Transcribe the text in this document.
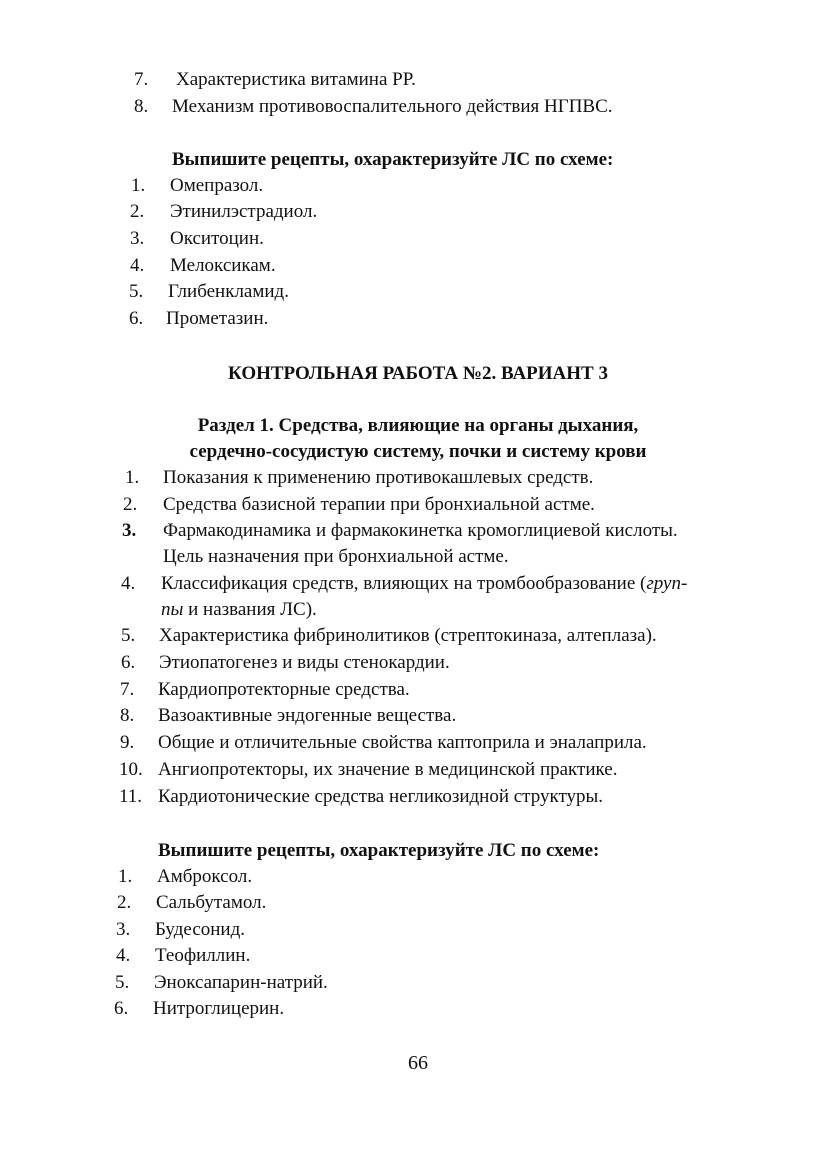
7. Характеристика витамина PP.
8. Механизм противовоспалительного действия НГПВС.
Выпишите рецепты, охарактеризуйте ЛС по схеме:
1. Омепразол.
2. Этинилэстрадиол.
3. Окситоцин.
4. Мелоксикам.
5. Глибенкламид.
6. Прометазин.
КОНТРОЛЬНАЯ РАБОТА №2. ВАРИАНТ 3
Раздел 1. Средства, влияющие на органы дыхания,
сердечно-сосудистую систему, почки и систему крови
1. Показания к применению противокашлевых средств.
2. Средства базисной терапии при бронхиальной астме.
3. Фармакодинамика и фармакокинетка кромоглициевой кислоты.
Цель назначения при бронхиальной астме.
4. Классификация средств, влияющих на тромбообразование (груп-
пы и названия ЛС).
5. Характеристика фибринолитиков (стрептокиназа, алтеплаза).
6. Этиопатогенез и виды стенокардии.
7. Кардиопротекторные средства.
8. Вазоактивные эндогенные вещества.
9. Общие и отличительные свойства каптоприла и эналаприла.
10. Ангиопротекторы, их значение в медицинской практике.
11. Кардиотонические средства негликозидной структуры.
Выпишите рецепты, охарактеризуйте ЛС по схеме:
1. Амброксол.
2. Сальбутамол.
3. Будесонид.
4. Теофиллин.
5. Эноксапарин-натрий.
6. Нитроглицерин.
66
